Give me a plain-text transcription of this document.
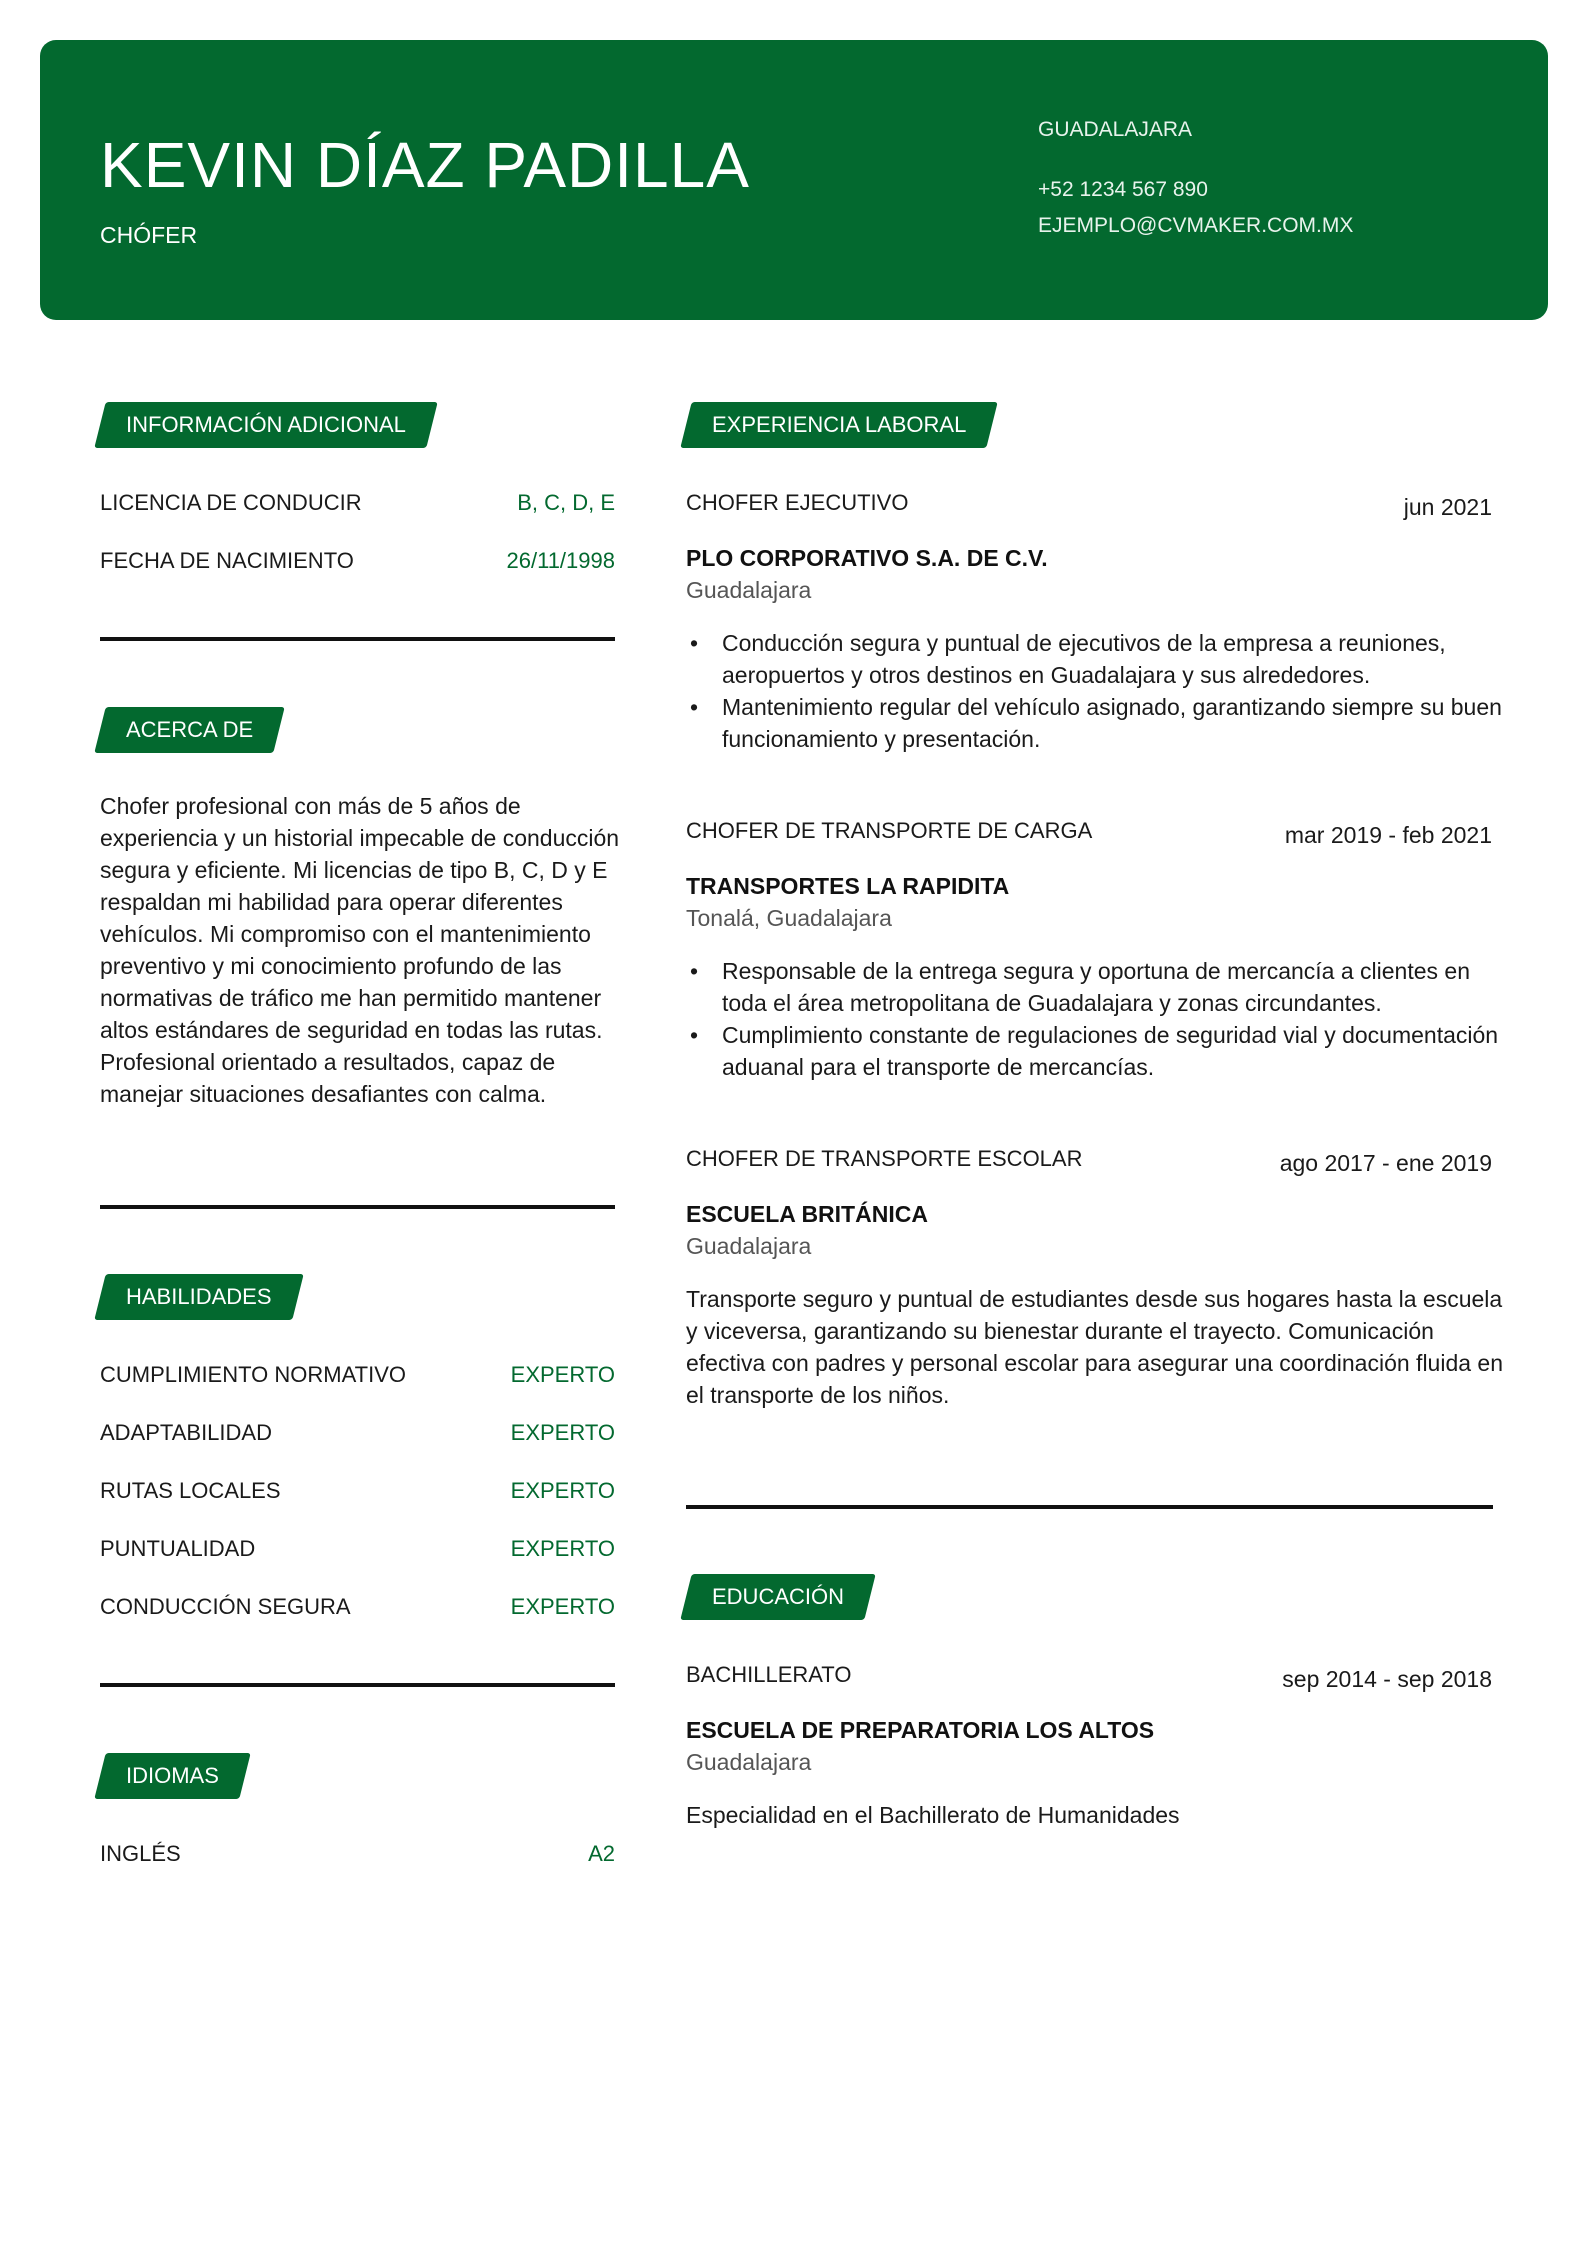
KEVIN DÍAZ PADILLA
CHÓFER
GUADALAJARA
+52 1234 567 890
EJEMPLO@CVMAKER.COM.MX
INFORMACIÓN ADICIONAL
LICENCIA DE CONDUCIR	B, C, D, E
FECHA DE NACIMIENTO	26/11/1998
ACERCA DE
Chofer profesional con más de 5 años de experiencia y un historial impecable de conducción segura y eficiente. Mi licencias de tipo B, C, D y E respaldan mi habilidad para operar diferentes vehículos. Mi compromiso con el mantenimiento preventivo y mi conocimiento profundo de las normativas de tráfico me han permitido mantener altos estándares de seguridad en todas las rutas. Profesional orientado a resultados, capaz de manejar situaciones desafiantes con calma.
HABILIDADES
CUMPLIMIENTO NORMATIVO	EXPERTO
ADAPTABILIDAD	EXPERTO
RUTAS LOCALES	EXPERTO
PUNTUALIDAD	EXPERTO
CONDUCCIÓN SEGURA	EXPERTO
IDIOMAS
INGLÉS	A2
EXPERIENCIA LABORAL
CHOFER EJECUTIVO	jun 2021
PLO CORPORATIVO S.A. DE C.V.
Guadalajara
• Conducción segura y puntual de ejecutivos de la empresa a reuniones, aeropuertos y otros destinos en Guadalajara y sus alrededores.
• Mantenimiento regular del vehículo asignado, garantizando siempre su buen funcionamiento y presentación.
CHOFER DE TRANSPORTE DE CARGA	mar 2019 - feb 2021
TRANSPORTES LA RAPIDITA
Tonalá, Guadalajara
• Responsable de la entrega segura y oportuna de mercancía a clientes en toda el área metropolitana de Guadalajara y zonas circundantes.
• Cumplimiento constante de regulaciones de seguridad vial y documentación aduanal para el transporte de mercancías.
CHOFER DE TRANSPORTE ESCOLAR	ago 2017 - ene 2019
ESCUELA BRITÁNICA
Guadalajara
Transporte seguro y puntual de estudiantes desde sus hogares hasta la escuela y viceversa, garantizando su bienestar durante el trayecto. Comunicación efectiva con padres y personal escolar para asegurar una coordinación fluida en el transporte de los niños.
EDUCACIÓN
BACHILLERATO	sep 2014 - sep 2018
ESCUELA DE PREPARATORIA LOS ALTOS
Guadalajara
Especialidad en el Bachillerato de Humanidades
